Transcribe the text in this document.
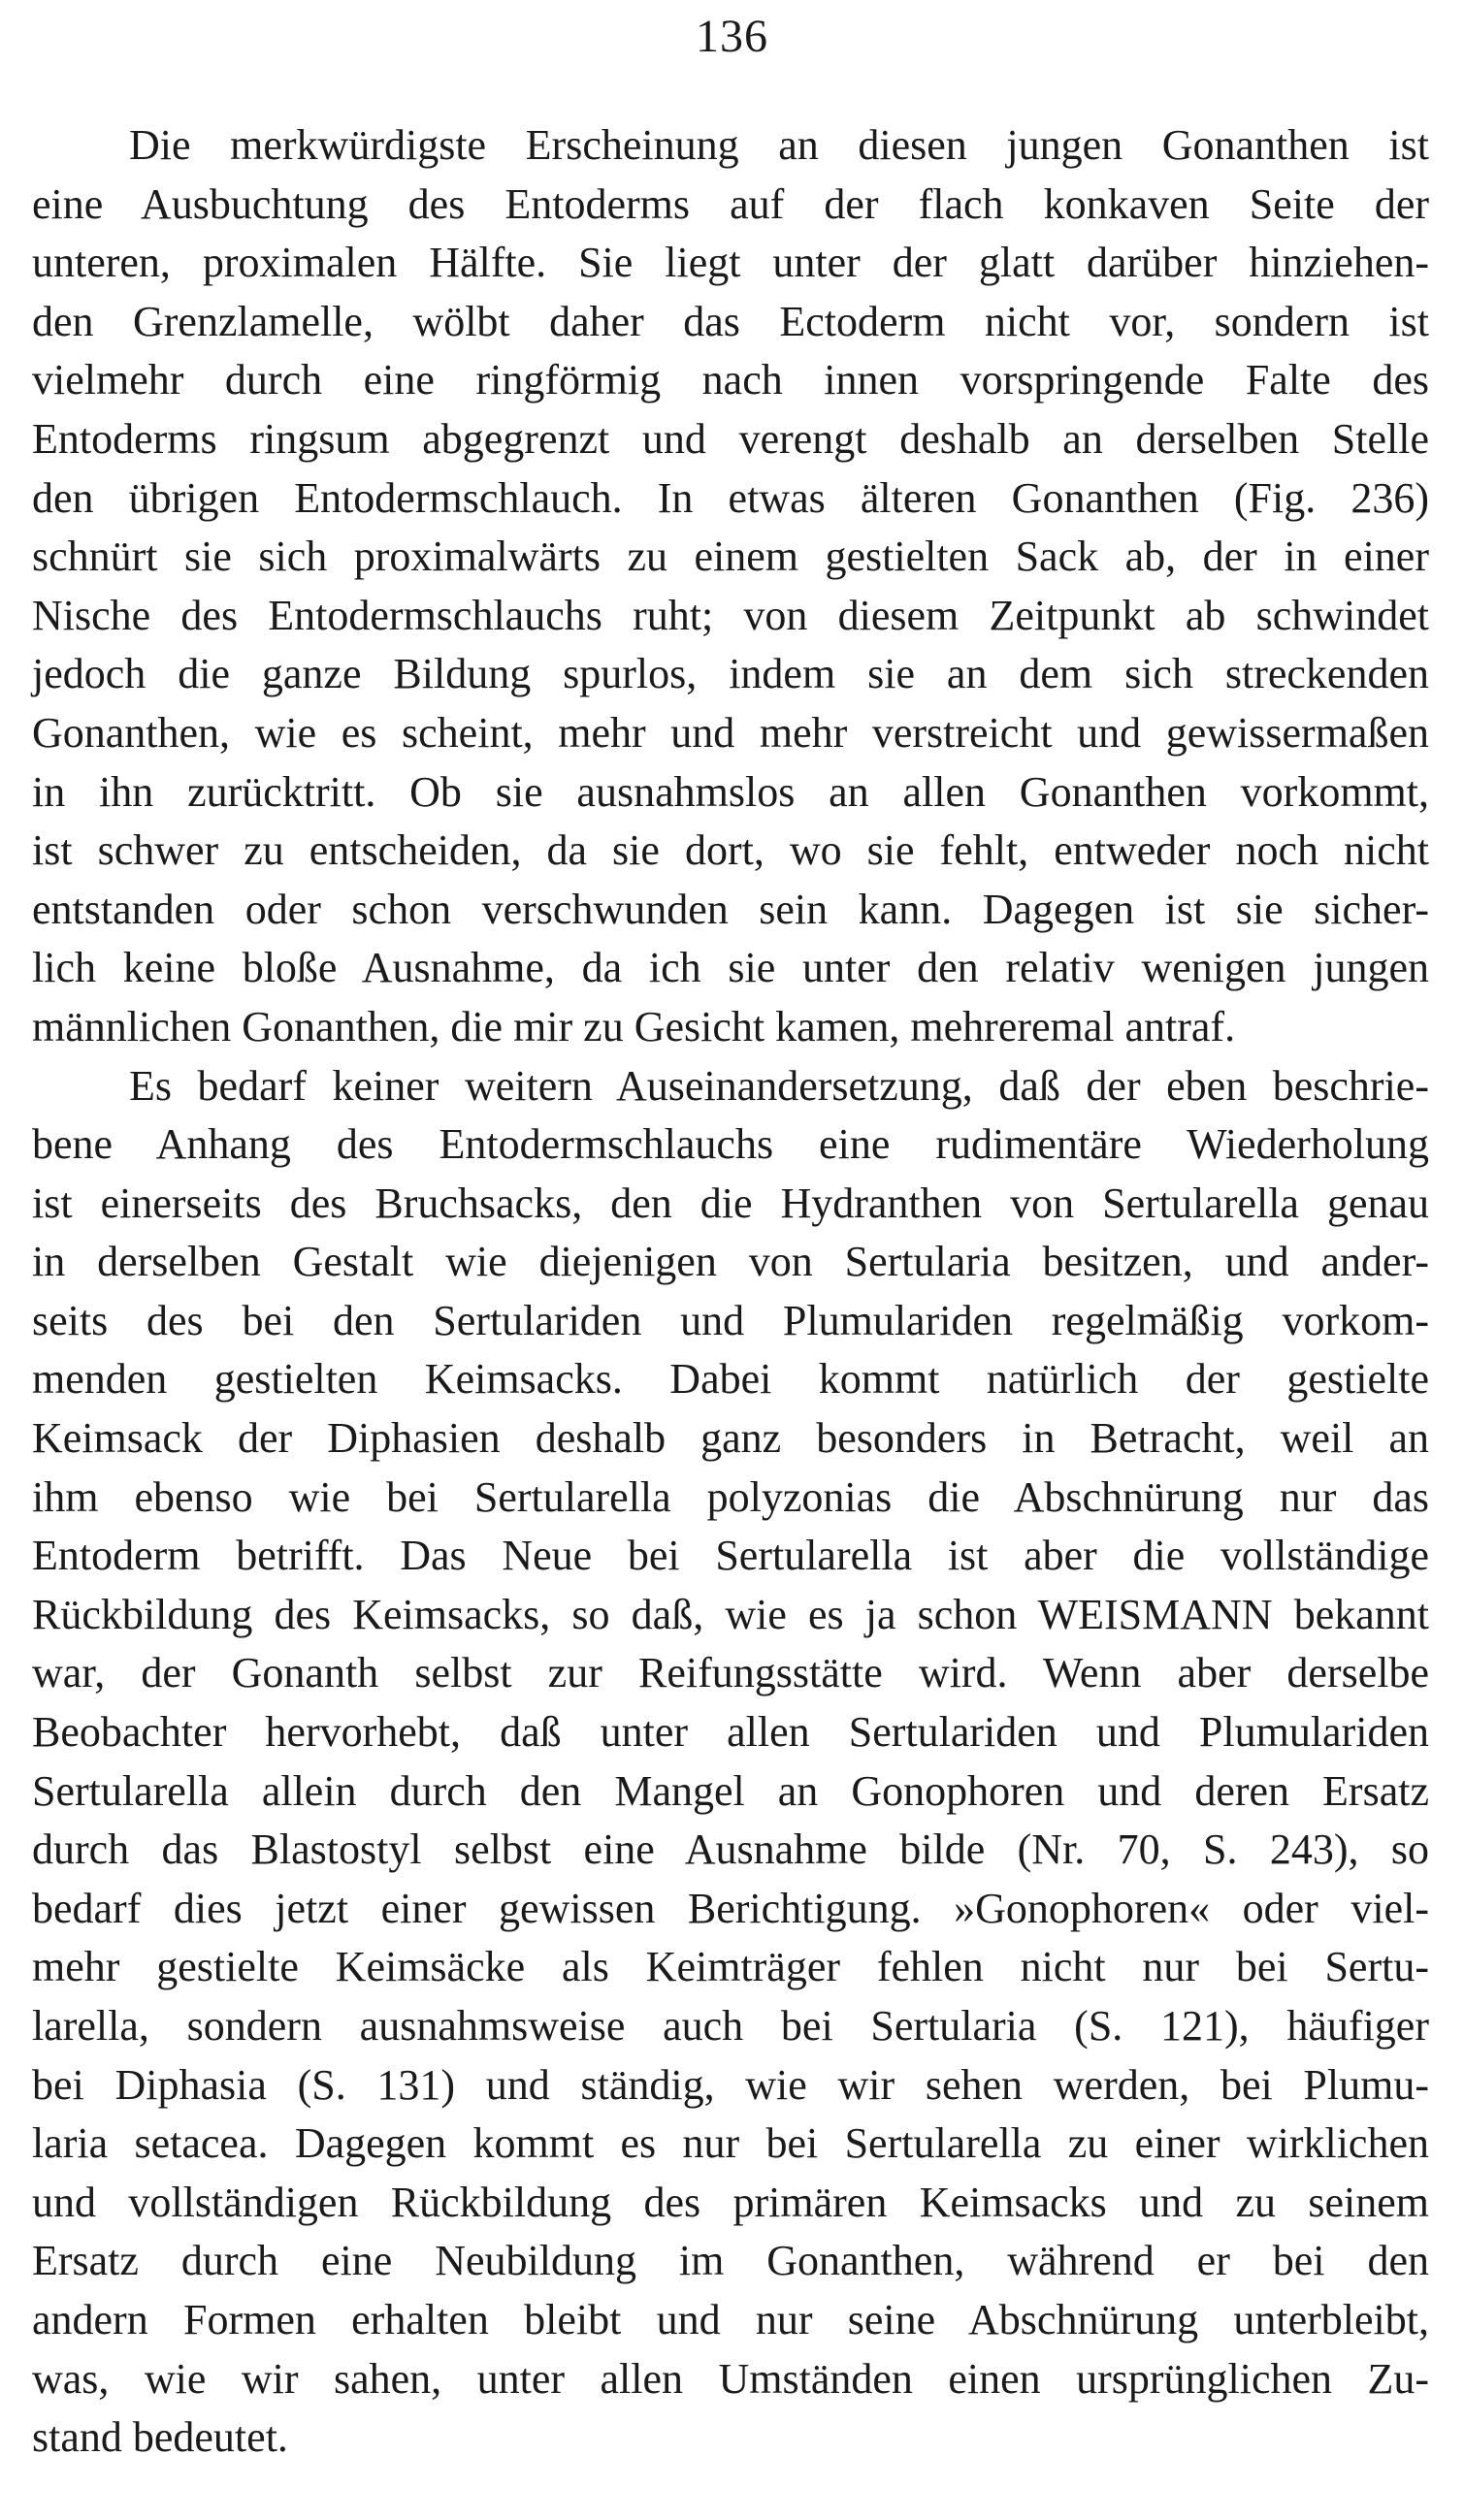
136
Die merkwürdigste Erscheinung an diesen jungen Gonanthen ist
eine Ausbuchtung des Entoderms auf der flach konkaven Seite der
unteren, proximalen Hälfte. Sie liegt unter der glatt darüber hinziehen-
den Grenzlamelle, wölbt daher das Ectoderm nicht vor, sondern ist
vielmehr durch eine ringförmig nach innen vorspringende Falte des
Entoderms ringsum abgegrenzt und verengt deshalb an derselben Stelle
den übrigen Entodermschlauch. In etwas älteren Gonanthen (Fig. 236)
schnürt sie sich proximalwärts zu einem gestielten Sack ab, der in einer
Nische des Entodermschlauchs ruht; von diesem Zeitpunkt ab schwindet
jedoch die ganze Bildung spurlos, indem sie an dem sich streckenden
Gonanthen, wie es scheint, mehr und mehr verstreicht und gewissermaßen
in ihn zurücktritt. Ob sie ausnahmslos an allen Gonanthen vorkommt,
ist schwer zu entscheiden, da sie dort, wo sie fehlt, entweder noch nicht
entstanden oder schon verschwunden sein kann. Dagegen ist sie sicher-
lich keine bloße Ausnahme, da ich sie unter den relativ wenigen jungen
männlichen Gonanthen, die mir zu Gesicht kamen, mehreremal antraf.
Es bedarf keiner weitern Auseinandersetzung, daß der eben beschrie-
bene Anhang des Entodermschlauchs eine rudimentäre Wiederholung
ist einerseits des Bruchsacks, den die Hydranthen von Sertularella genau
in derselben Gestalt wie diejenigen von Sertularia besitzen, und ander-
seits des bei den Sertulariden und Plumulariden regelmäßig vorkom-
menden gestielten Keimsacks. Dabei kommt natürlich der gestielte
Keimsack der Diphasien deshalb ganz besonders in Betracht, weil an
ihm ebenso wie bei Sertularella polyzonias die Abschnürung nur das
Entoderm betrifft. Das Neue bei Sertularella ist aber die vollständige
Rückbildung des Keimsacks, so daß, wie es ja schon WEISMANN bekannt
war, der Gonanth selbst zur Reifungsstätte wird. Wenn aber derselbe
Beobachter hervorhebt, daß unter allen Sertulariden und Plumulariden
Sertularella allein durch den Mangel an Gonophoren und deren Ersatz
durch das Blastostyl selbst eine Ausnahme bilde (Nr. 70, S. 243), so
bedarf dies jetzt einer gewissen Berichtigung. »Gonophoren« oder viel-
mehr gestielte Keimsäcke als Keimträger fehlen nicht nur bei Sertu-
larella, sondern ausnahmsweise auch bei Sertularia (S. 121), häufiger
bei Diphasia (S. 131) und ständig, wie wir sehen werden, bei Plumu-
laria setacea. Dagegen kommt es nur bei Sertularella zu einer wirklichen
und vollständigen Rückbildung des primären Keimsacks und zu seinem
Ersatz durch eine Neubildung im Gonanthen, während er bei den
andern Formen erhalten bleibt und nur seine Abschnürung unterbleibt,
was, wie wir sahen, unter allen Umständen einen ursprünglichen Zu-
stand bedeutet.
